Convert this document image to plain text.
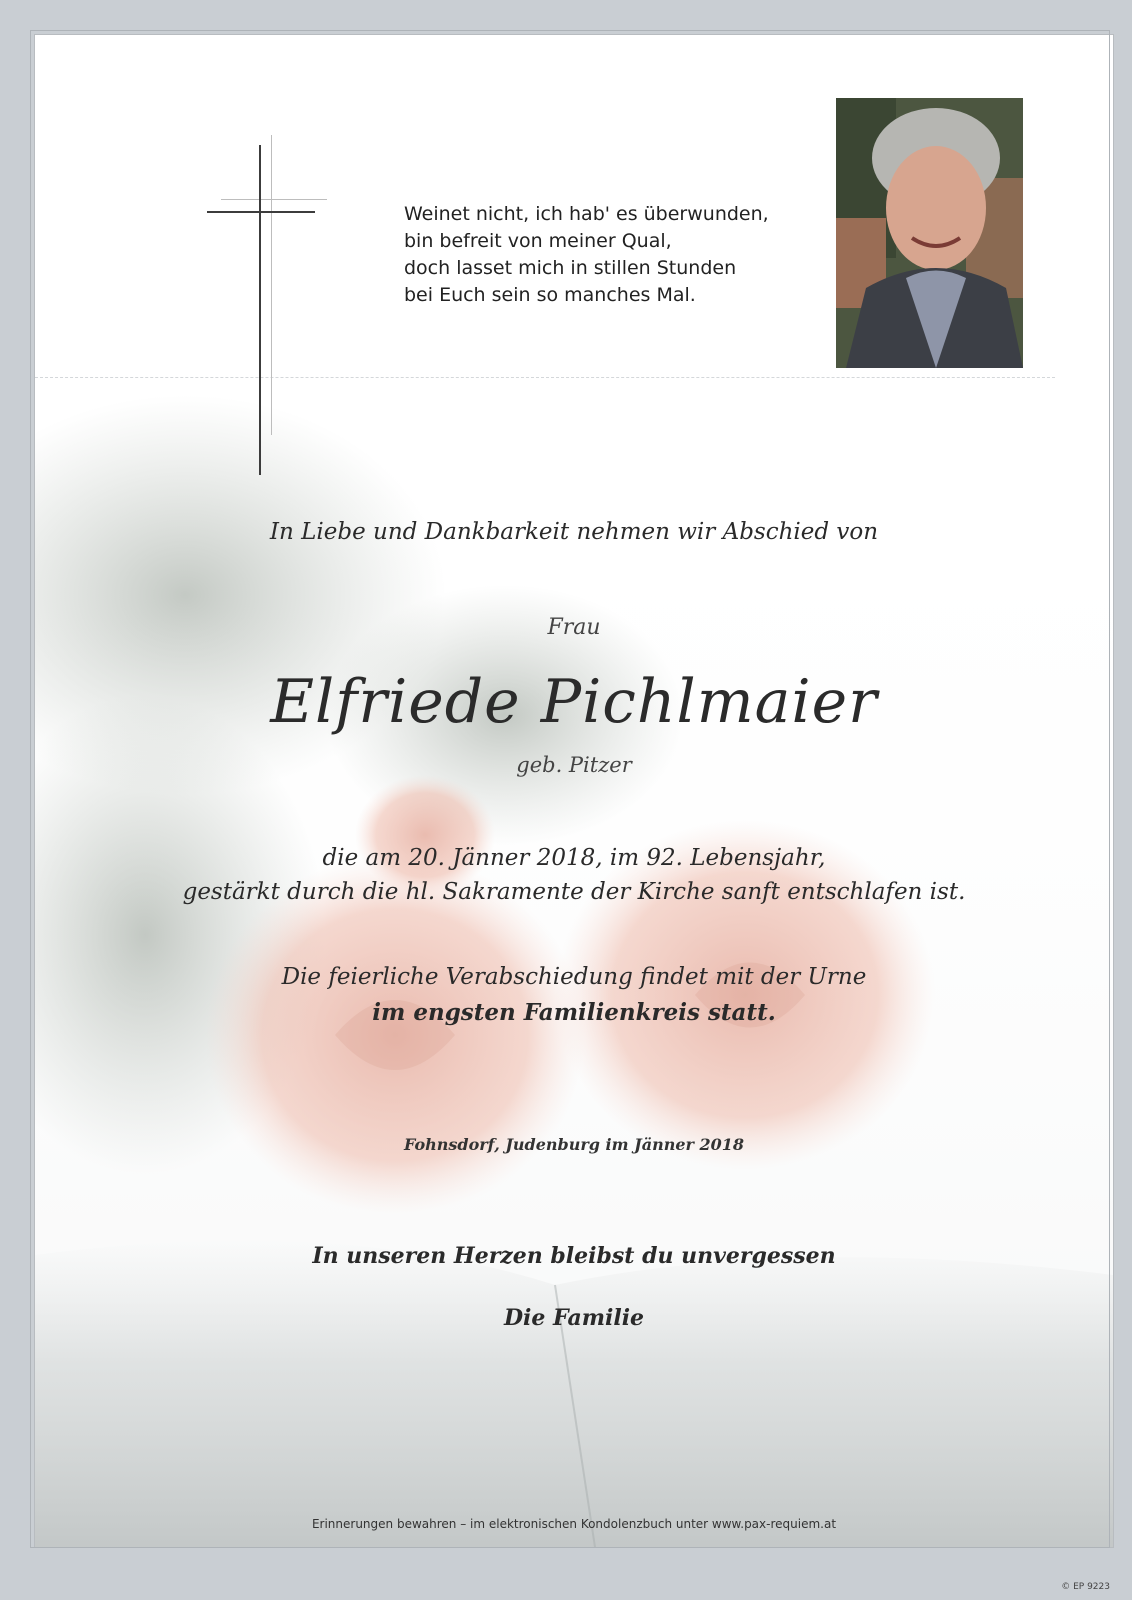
Weinet nicht, ich hab' es überwunden,
bin befreit von meiner Qual,
doch lasset mich in stillen Stunden
bei Euch sein so manches Mal.
In Liebe und Dankbarkeit nehmen wir Abschied von
Frau
Elfriede Pichlmaier
geb. Pitzer
die am 20. Jänner 2018, im 92. Lebensjahr,
gestärkt durch die hl. Sakramente der Kirche sanft entschlafen ist.
Die feierliche Verabschiedung findet mit der Urne
im engsten Familienkreis statt.
Fohnsdorf, Judenburg im Jänner 2018
In unseren Herzen bleibst du unvergessen
Die Familie
Erinnerungen bewahren – im elektronischen Kondolenzbuch unter www.pax-requiem.at
© EP 9223
